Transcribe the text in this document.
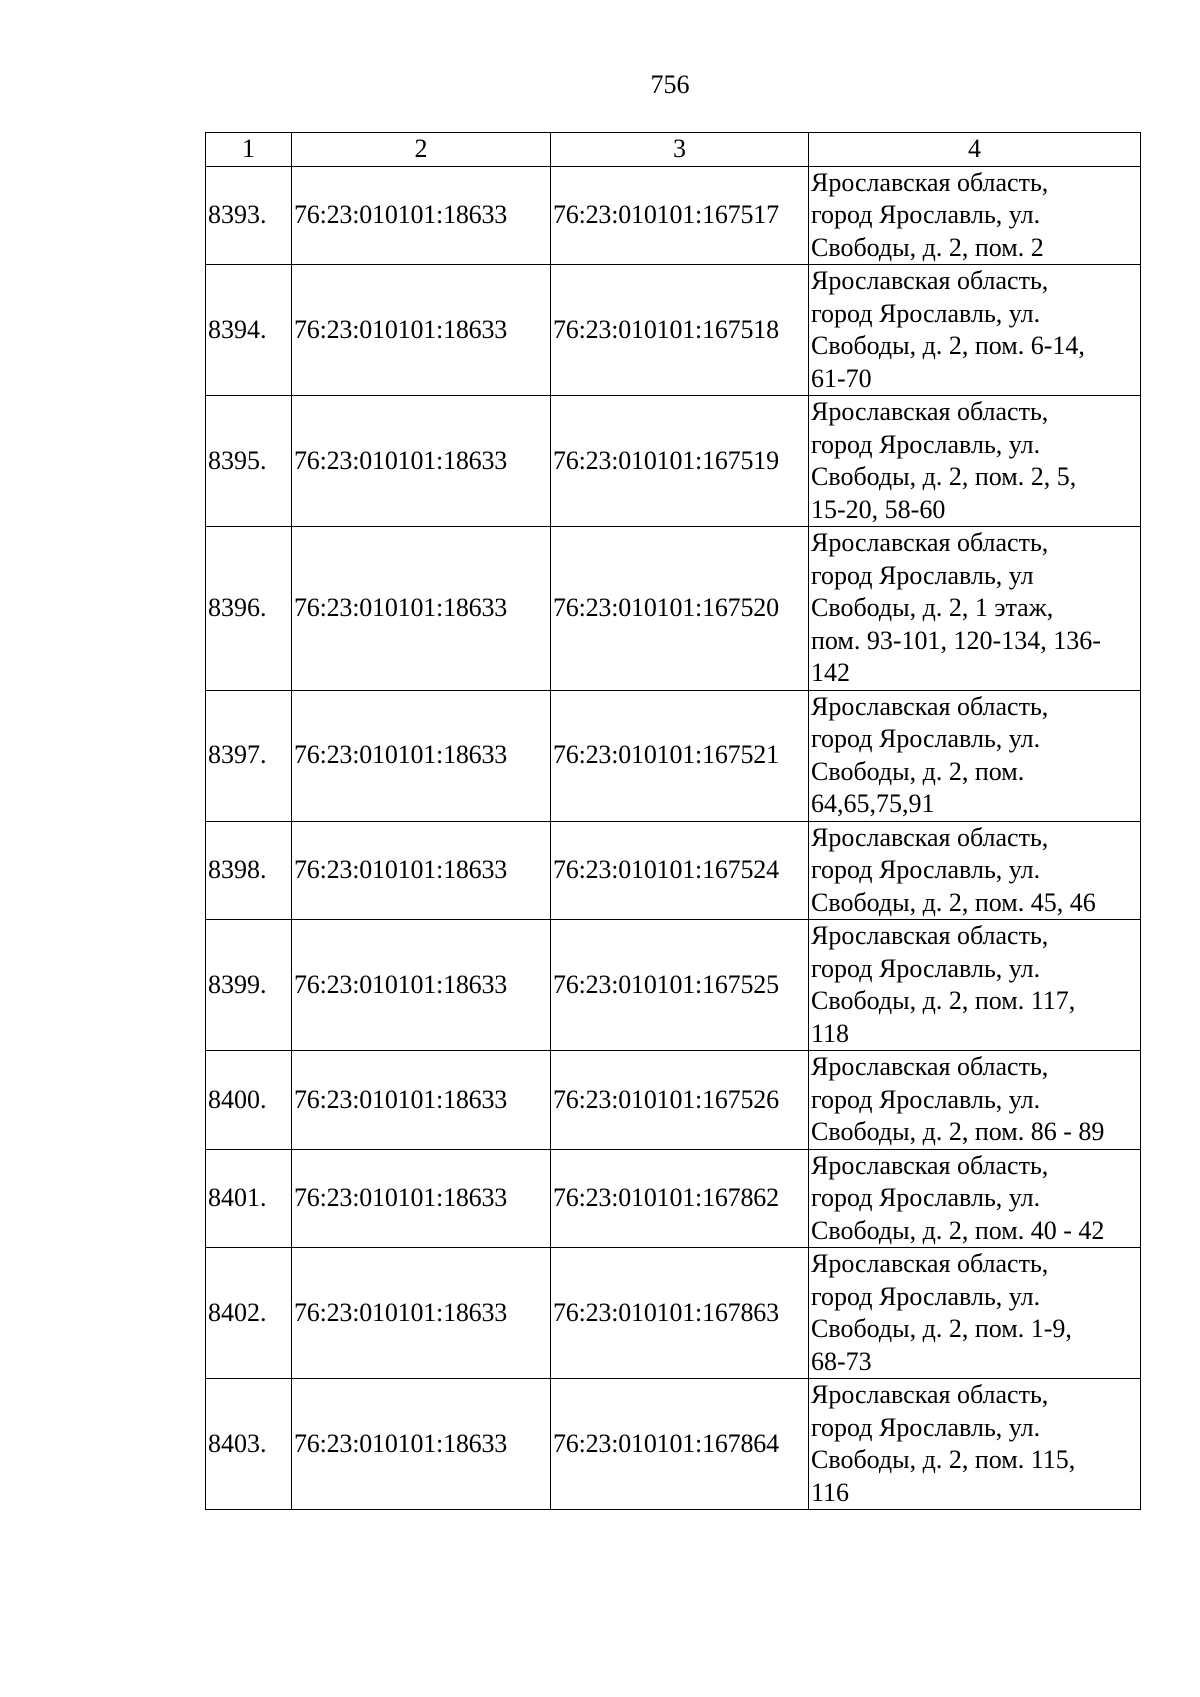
756
1	2	3	4
8393.	76:23:010101:18633	76:23:010101:167517	Ярославская область,
город Ярославль, ул.
Свободы, д. 2, пом. 2

8394.	76:23:010101:18633	76:23:010101:167518	Ярославская область,
город Ярославль, ул.
Свободы, д. 2, пом. 6-14,
61-70

8395.	76:23:010101:18633	76:23:010101:167519	Ярославская область,
город Ярославль, ул.
Свободы, д. 2, пом. 2, 5,
15-20, 58-60

8396.	76:23:010101:18633	76:23:010101:167520	Ярославская область,
город Ярославль, ул
Свободы, д. 2, 1 этаж,
пом. 93-101, 120-134, 136-
142

8397.	76:23:010101:18633	76:23:010101:167521	Ярославская область,
город Ярославль, ул.
Свободы, д. 2, пом.
64,65,75,91

8398.	76:23:010101:18633	76:23:010101:167524	Ярославская область,
город Ярославль, ул.
Свободы, д. 2, пом. 45, 46

8399.	76:23:010101:18633	76:23:010101:167525	Ярославская область,
город Ярославль, ул.
Свободы, д. 2, пом. 117,
118

8400.	76:23:010101:18633	76:23:010101:167526	Ярославская область,
город Ярославль, ул.
Свободы, д. 2, пом. 86 - 89

8401.	76:23:010101:18633	76:23:010101:167862	Ярославская область,
город Ярославль, ул.
Свободы, д. 2, пом. 40 - 42

8402.	76:23:010101:18633	76:23:010101:167863	Ярославская область,
город Ярославль, ул.
Свободы, д. 2, пом. 1-9,
68-73

8403.	76:23:010101:18633	76:23:010101:167864	Ярославская область,
город Ярославль, ул.
Свободы, д. 2, пом. 115,
116
